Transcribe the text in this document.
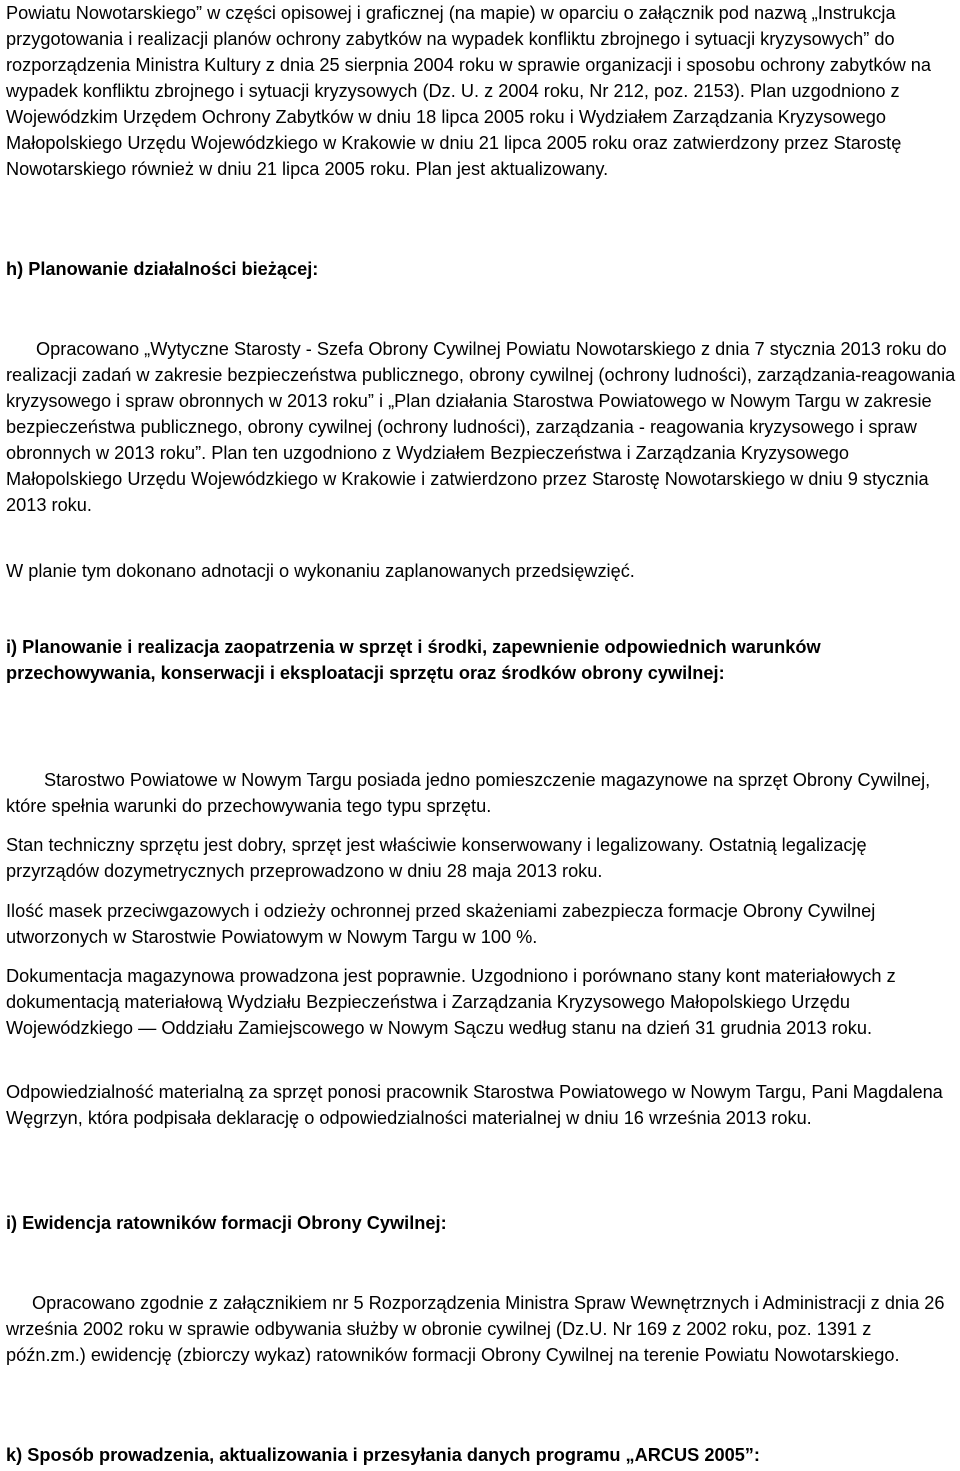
Powiatu Nowotarskiego” w części opisowej i graficznej (na mapie) w oparciu o załącznik pod nazwą „Instrukcja przygotowania i realizacji planów ochrony zabytków na wypadek konfliktu zbrojnego i sytuacji kryzysowych” do rozporządzenia Ministra Kultury z dnia 25 sierpnia 2004 roku w sprawie organizacji i sposobu ochrony zabytków na wypadek konfliktu zbrojnego i sytuacji kryzysowych (Dz. U. z 2004 roku, Nr 212, poz. 2153). Plan uzgodniono z Wojewódzkim Urzędem Ochrony Zabytków w dniu 18 lipca 2005 roku i Wydziałem Zarządzania Kryzysowego Małopolskiego Urzędu Wojewódzkiego w Krakowie w dniu 21 lipca 2005 roku oraz zatwierdzony przez Starostę Nowotarskiego również w dniu 21 lipca 2005 roku. Plan jest aktualizowany.

h) Planowanie działalności bieżącej:

Opracowano „Wytyczne Starosty - Szefa Obrony Cywilnej Powiatu Nowotarskiego z dnia 7 stycznia 2013 roku do realizacji zadań w zakresie bezpieczeństwa publicznego, obrony cywilnej (ochrony ludności), zarządzania-reagowania kryzysowego i spraw obronnych w 2013 roku” i „Plan działania Starostwa Powiatowego w Nowym Targu w zakresie bezpieczeństwa publicznego, obrony cywilnej (ochrony ludności), zarządzania - reagowania kryzysowego i spraw obronnych w 2013 roku”. Plan ten uzgodniono z Wydziałem Bezpieczeństwa i Zarządzania Kryzysowego Małopolskiego Urzędu Wojewódzkiego w Krakowie i zatwierdzono przez Starostę Nowotarskiego w dniu 9 stycznia 2013 roku.

W planie tym dokonano adnotacji o wykonaniu zaplanowanych przedsięwzięć.

i) Planowanie i realizacja zaopatrzenia w sprzęt i środki, zapewnienie odpowiednich warunków przechowywania, konserwacji i eksploatacji sprzętu oraz środków obrony cywilnej:

Starostwo Powiatowe w Nowym Targu posiada jedno pomieszczenie magazynowe na sprzęt Obrony Cywilnej, które spełnia warunki do przechowywania tego typu sprzętu.

Stan techniczny sprzętu jest dobry, sprzęt jest właściwie konserwowany i legalizowany. Ostatnią legalizację przyrządów dozymetrycznych przeprowadzono w dniu 28 maja 2013 roku.

Ilość masek przeciwgazowych i odzieży ochronnej przed skażeniami zabezpiecza formacje Obrony Cywilnej utworzonych w Starostwie Powiatowym w Nowym Targu w 100 %.

Dokumentacja magazynowa prowadzona jest poprawnie. Uzgodniono i porównano stany kont materiałowych z dokumentacją materiałową Wydziału Bezpieczeństwa i Zarządzania Kryzysowego Małopolskiego Urzędu Wojewódzkiego — Oddziału Zamiejscowego w Nowym Sączu według stanu na dzień 31 grudnia 2013 roku.

Odpowiedzialność materialną za sprzęt ponosi pracownik Starostwa Powiatowego w Nowym Targu, Pani Magdalena Węgrzyn, która podpisała deklarację o odpowiedzialności materialnej w dniu 16 września 2013 roku.

i) Ewidencja ratowników formacji Obrony Cywilnej:

Opracowano zgodnie z załącznikiem nr 5 Rozporządzenia Ministra Spraw Wewnętrznych i Administracji z dnia 26 września 2002 roku w sprawie odbywania służby w obronie cywilnej (Dz.U. Nr 169 z 2002 roku, poz. 1391 z późn.zm.) ewidencję (zbiorczy wykaz) ratowników formacji Obrony Cywilnej na terenie Powiatu Nowotarskiego.

k) Sposób prowadzenia, aktualizowania i przesyłania danych programu „ARCUS 2005”:
